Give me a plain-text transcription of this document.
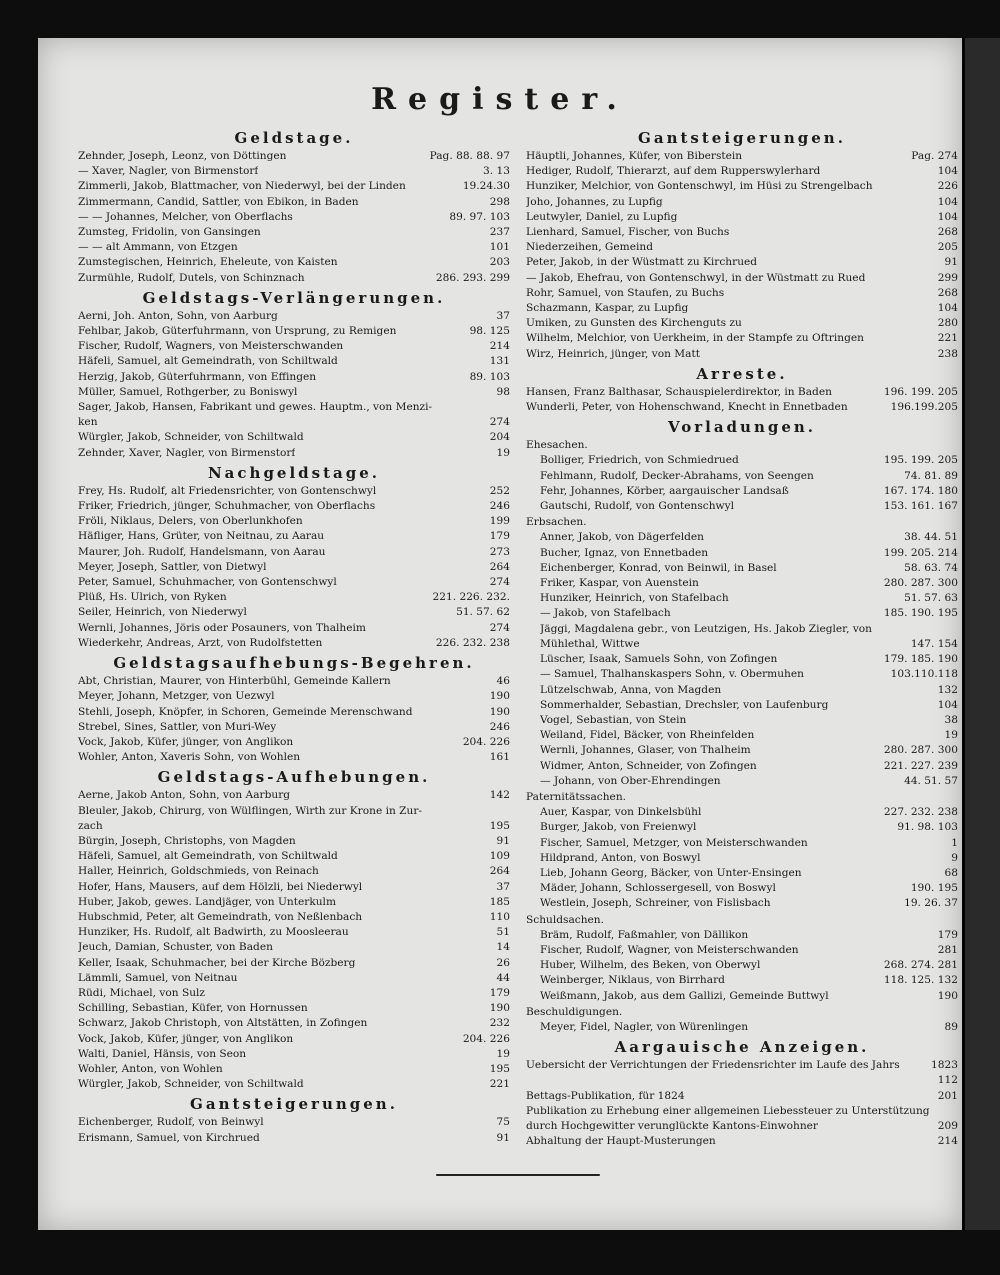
Register.
Geldstage.
Zehnder, Joseph, Leonz, von Döttingen	Pag. 88. 88. 97
— Xaver, Nagler, von Birmenstorf	3. 13
Zimmerli, Jakob, Blattmacher, von Niederwyl, bei der Linden	19.24.30
Zimmermann, Candid, Sattler, von Ebikon, in Baden	298
— — Johannes, Melcher, von Oberflachs	89. 97. 103
Zumsteg, Fridolin, von Gansingen	237
— — alt Ammann, von Etzgen	101
Zumstegischen, Heinrich, Eheleute, von Kaisten	203
Zurmühle, Rudolf, Dutels, von Schinznach	286. 293. 299
Geldstags-Verlängerungen.
Aerni, Joh. Anton, Sohn, von Aarburg	37
Fehlbar, Jakob, Güterfuhrmann, von Ursprung, zu Remigen	98. 125
Fischer, Rudolf, Wagners, von Meisterschwanden	214
Häfeli, Samuel, alt Gemeindrath, von Schiltwald	131
Herzig, Jakob, Güterfuhrmann, von Effingen	89. 103
Müller, Samuel, Rothgerber, zu Boniswyl	98
Sager, Jakob, Hansen, Fabrikant und gewes. Hauptm., von Menzi-
ken	274
Würgler, Jakob, Schneider, von Schiltwald	204
Zehnder, Xaver, Nagler, von Birmenstorf	19
Nachgeldstage.
Frey, Hs. Rudolf, alt Friedensrichter, von Gontenschwyl	252
Friker, Friedrich, jünger, Schuhmacher, von Oberflachs	246
Fröli, Niklaus, Delers, von Oberlunkhofen	199
Häfliger, Hans, Grüter, von Neitnau, zu Aarau	179
Maurer, Joh. Rudolf, Handelsmann, von Aarau	273
Meyer, Joseph, Sattler, von Dietwyl	264
Peter, Samuel, Schuhmacher, von Gontenschwyl	274
Plüß, Hs. Ulrich, von Ryken	221. 226. 232.
Seiler, Heinrich, von Niederwyl	51. 57. 62
Wernli, Johannes, Jöris oder Posauners, von Thalheim	274
Wiederkehr, Andreas, Arzt, von Rudolfstetten	226. 232. 238
Geldstagsaufhebungs-Begehren.
Abt, Christian, Maurer, von Hinterbühl, Gemeinde Kallern	46
Meyer, Johann, Metzger, von Uezwyl	190
Stehli, Joseph, Knöpfer, in Schoren, Gemeinde Merenschwand	190
Strebel, Sines, Sattler, von Muri-Wey	246
Vock, Jakob, Küfer, jünger, von Anglikon	204. 226
Wohler, Anton, Xaveris Sohn, von Wohlen	161
Geldstags-Aufhebungen.
Aerne, Jakob Anton, Sohn, von Aarburg	142
Bleuler, Jakob, Chirurg, von Wülflingen, Wirth zur Krone in Zur-
zach	195
Bürgin, Joseph, Christophs, von Magden	91
Häfeli, Samuel, alt Gemeindrath, von Schiltwald	109
Haller, Heinrich, Goldschmieds, von Reinach	264
Hofer, Hans, Mausers, auf dem Hölzli, bei Niederwyl	37
Huber, Jakob, gewes. Landjäger, von Unterkulm	185
Hubschmid, Peter, alt Gemeindrath, von Neßlenbach	110
Hunziker, Hs. Rudolf, alt Badwirth, zu Moosleerau	51
Jeuch, Damian, Schuster, von Baden	14
Keller, Isaak, Schuhmacher, bei der Kirche Bözberg	26
Lämmli, Samuel, von Neitnau	44
Rüdi, Michael, von Sulz	179
Schilling, Sebastian, Küfer, von Hornussen	190
Schwarz, Jakob Christoph, von Altstätten, in Zofingen	232
Vock, Jakob, Küfer, jünger, von Anglikon	204. 226
Walti, Daniel, Hänsis, von Seon	19
Wohler, Anton, von Wohlen	195
Würgler, Jakob, Schneider, von Schiltwald	221
Gantsteigerungen.
Eichenberger, Rudolf, von Beinwyl	75
Erismann, Samuel, von Kirchrued	91
Gantsteigerungen.
Häuptli, Johannes, Küfer, von Biberstein	Pag. 274
Hediger, Rudolf, Thierarzt, auf dem Rupperswylerhard	104
Hunziker, Melchior, von Gontenschwyl, im Hüsi zu Strengelbach	226
Joho, Johannes, zu Lupfig	104
Leutwyler, Daniel, zu Lupfig	104
Lienhard, Samuel, Fischer, von Buchs	268
Niederzeihen, Gemeind	205
Peter, Jakob, in der Wüstmatt zu Kirchrued	91
— Jakob, Ehefrau, von Gontenschwyl, in der Wüstmatt zu Rued	299
Rohr, Samuel, von Staufen, zu Buchs	268
Schazmann, Kaspar, zu Lupfig	104
Umiken, zu Gunsten des Kirchenguts zu	280
Wilhelm, Melchior, von Uerkheim, in der Stampfe zu Oftringen	221
Wirz, Heinrich, jünger, von Matt	238
Arreste.
Hansen, Franz Balthasar, Schauspielerdirektor, in Baden	196. 199. 205
Wunderli, Peter, von Hohenschwand, Knecht in Ennetbaden	196.199.205
Vorladungen.
Ehesachen.
Bolliger, Friedrich, von Schmiedrued	195. 199. 205
Fehlmann, Rudolf, Decker-Abrahams, von Seengen	74. 81. 89
Fehr, Johannes, Körber, aargauischer Landsaß	167. 174. 180
Gautschi, Rudolf, von Gontenschwyl	153. 161. 167
Erbsachen.
Anner, Jakob, von Dägerfelden	38. 44. 51
Bucher, Ignaz, von Ennetbaden	199. 205. 214
Eichenberger, Konrad, von Beinwil, in Basel	58. 63. 74
Friker, Kaspar, von Auenstein	280. 287. 300
Hunziker, Heinrich, von Stafelbach	51. 57. 63
— Jakob, von Stafelbach	185. 190. 195
Jäggi, Magdalena gebr., von Leutzigen, Hs. Jakob Ziegler, von
Mühlethal, Wittwe	147. 154
Lüscher, Isaak, Samuels Sohn, von Zofingen	179. 185. 190
— Samuel, Thalhanskaspers Sohn, v. Obermuhen	103.110.118
Lützelschwab, Anna, von Magden	132
Sommerhalder, Sebastian, Drechsler, von Laufenburg	104
Vogel, Sebastian, von Stein	38
Weiland, Fidel, Bäcker, von Rheinfelden	19
Wernli, Johannes, Glaser, von Thalheim	280. 287. 300
Widmer, Anton, Schneider, von Zofingen	221. 227. 239
— Johann, von Ober-Ehrendingen	44. 51. 57
Paternitätssachen.
Auer, Kaspar, von Dinkelsbühl	227. 232. 238
Burger, Jakob, von Freienwyl	91. 98. 103
Fischer, Samuel, Metzger, von Meisterschwanden	1
Hildprand, Anton, von Boswyl	9
Lieb, Johann Georg, Bäcker, von Unter-Ensingen	68
Mäder, Johann, Schlossergesell, von Boswyl	190. 195
Westlein, Joseph, Schreiner, von Fislisbach	19. 26. 37
Schuldsachen.
Bräm, Rudolf, Faßmahler, von Dällikon	179
Fischer, Rudolf, Wagner, von Meisterschwanden	281
Huber, Wilhelm, des Beken, von Oberwyl	268. 274. 281
Weinberger, Niklaus, von Birrhard	118. 125. 132
Weißmann, Jakob, aus dem Gallizi, Gemeinde Buttwyl	190
Beschuldigungen.
Meyer, Fidel, Nagler, von Würenlingen	89
Aargauische Anzeigen.
Uebersicht der Verrichtungen der Friedensrichter im Laufe des Jahrs	1823
112
Bettags-Publikation, für 1824	201
Publikation zu Erhebung einer allgemeinen Liebessteuer zu Unterstützung
durch Hochgewitter verunglückte Kantons-Einwohner	209
Abhaltung der Haupt-Musterungen	214
